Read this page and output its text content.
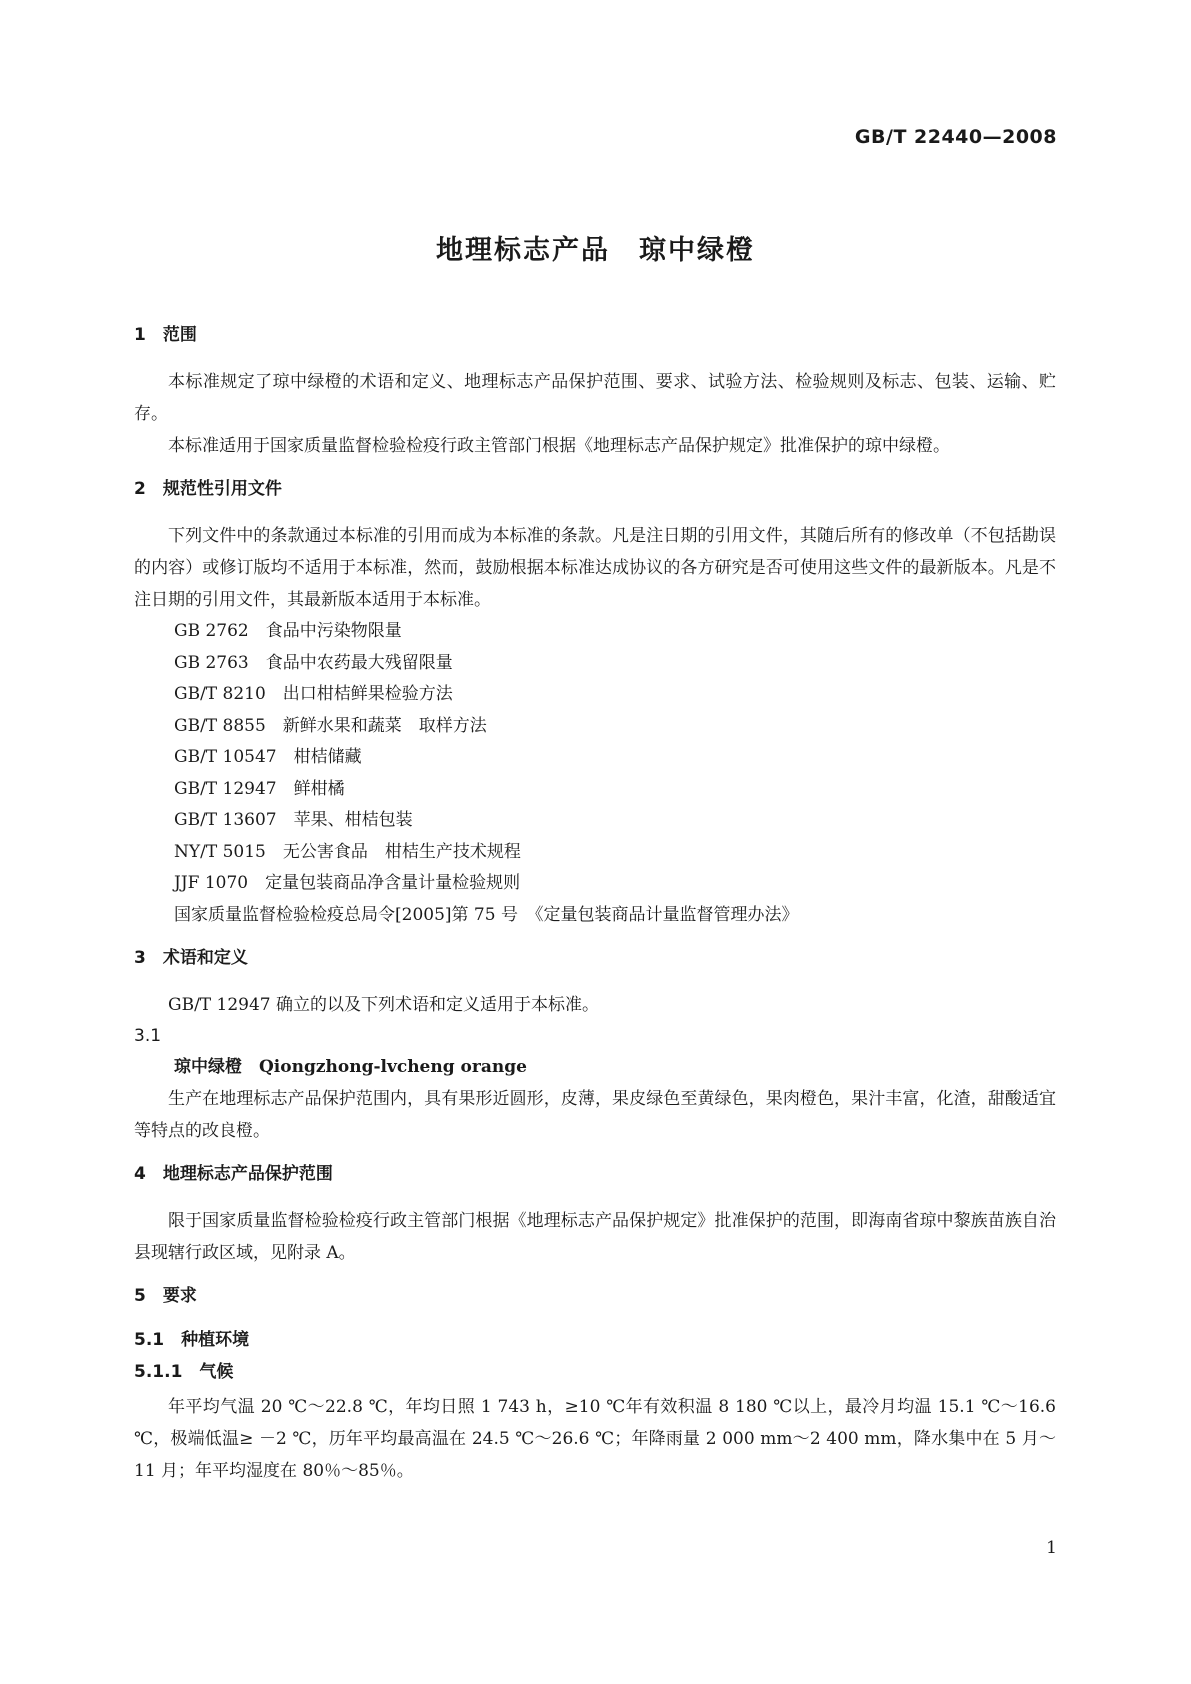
GB/T 22440—2008
地理标志产品　琼中绿橙
1　范围

本标准规定了琼中绿橙的术语和定义、地理标志产品保护范围、要求、试验方法、检验规则及标志、包装、运输、贮存。

本标准适用于国家质量监督检验检疫行政主管部门根据《地理标志产品保护规定》批准保护的琼中绿橙。

2　规范性引用文件

下列文件中的条款通过本标准的引用而成为本标准的条款。凡是注日期的引用文件，其随后所有的修改单（不包括勘误的内容）或修订版均不适用于本标准，然而，鼓励根据本标准达成协议的各方研究是否可使用这些文件的最新版本。凡是不注日期的引用文件，其最新版本适用于本标准。

GB 2762　食品中污染物限量

GB 2763　食品中农药最大残留限量

GB/T 8210　出口柑桔鲜果检验方法

GB/T 8855　新鲜水果和蔬菜　取样方法

GB/T 10547　柑桔储藏

GB/T 12947　鲜柑橘

GB/T 13607　苹果、柑桔包装

NY/T 5015　无公害食品　柑桔生产技术规程

JJF 1070　定量包装商品净含量计量检验规则

国家质量监督检验检疫总局令[2005]第 75 号　《定量包装商品计量监督管理办法》

3　术语和定义

GB/T 12947 确立的以及下列术语和定义适用于本标准。

3.1

琼中绿橙　Qiongzhong-lvcheng orange

生产在地理标志产品保护范围内，具有果形近圆形，皮薄，果皮绿色至黄绿色，果肉橙色，果汁丰富，化渣，甜酸适宜等特点的改良橙。

4　地理标志产品保护范围

限于国家质量监督检验检疫行政主管部门根据《地理标志产品保护规定》批准保护的范围，即海南省琼中黎族苗族自治县现辖行政区域，见附录 A。

5　要求
5.1　种植环境
5.1.1　气候

年平均气温 20 ℃～22.8 ℃，年均日照 1 743 h，≥10 ℃年有效积温 8 180 ℃以上，最冷月均温 15.1 ℃～16.6 ℃，极端低温≥ －2 ℃，历年平均最高温在 24.5 ℃～26.6 ℃；年降雨量 2 000 mm～2 400 mm，降水集中在 5 月～11 月；年平均湿度在 80％～85％。

1
